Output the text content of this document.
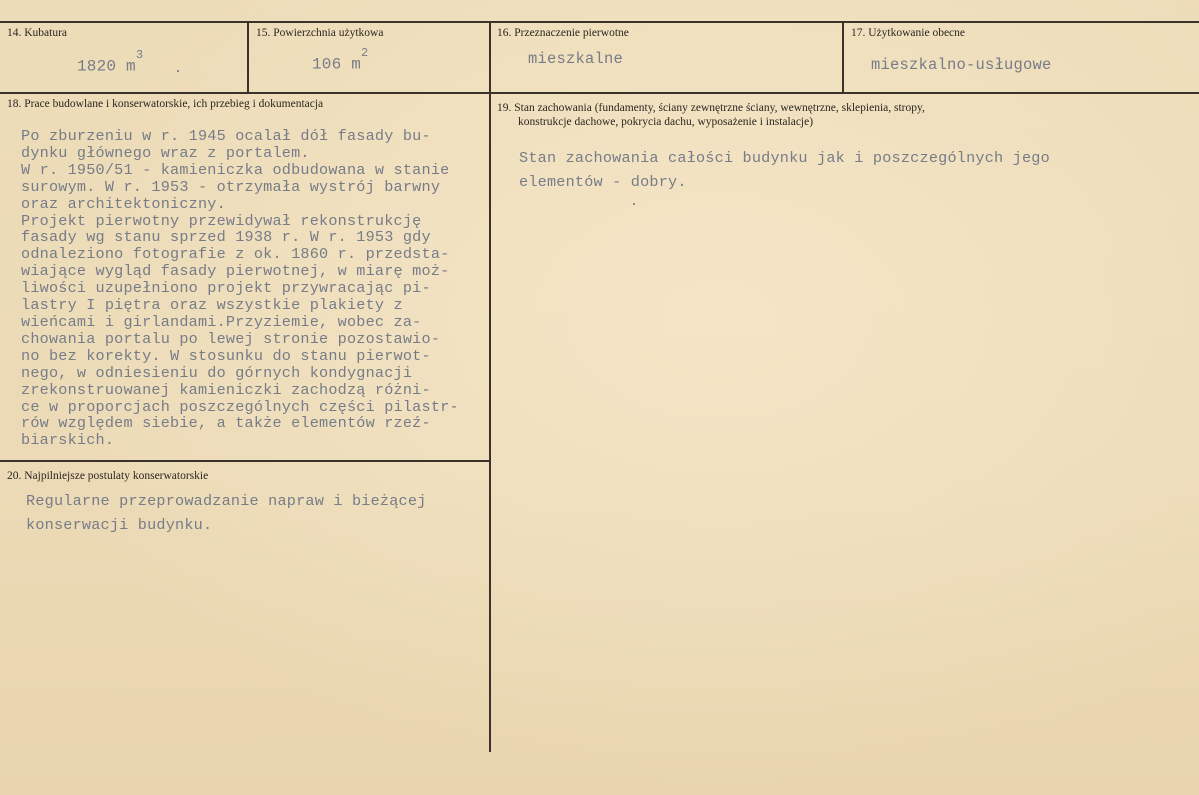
14. Kubatura
1820 $m^3$
15. Powierzchnia użytkowa
106 $m^2$
16. Przeznaczenie pierwotne
mieszkalne
17. Użytkowanie obecne
mieszkalno-usługowe
18. Prace budowlane i konserwatorskie, ich przebieg i dokumentacja
Po zburzeniu w r. 1945 ocalał dół fasady bu-
dynku głównego wraz z portalem.
W r. 1950/51 - kamieniczka odbudowana w stanie
surowym. W r. 1953 - otrzymała wystrój barwny
oraz architektoniczny.
Projekt pierwotny przewidywał rekonstrukcję
fasady wg stanu sprzed 1938 r. W r. 1953 gdy
odnaleziono fotografie z ok. 1860 r. przedsta-
wiające wygląd fasady pierwotnej, w miarę moż-
liwości uzupełniono projekt przywracając pi-
lastry I piętra oraz wszystkie plakiety z
wieńcami i girlandami.Przyziemie, wobec za-
chowania portalu po lewej stronie pozostawio-
no bez korekty. W stosunku do stanu pierwot-
nego, w odniesieniu do górnych kondygnacji
zrekonstruowanej kamieniczki zachodzą różni-
ce w proporcjach poszczególnych części pilastr-
rów względem siebie, a także elementów rzeź-
biarskich.
19. Stan zachowania (fundamenty, ściany zewnętrzne ściany, wewnętrzne, sklepienia, stropy,
konstrukcje dachowe, pokrycia dachu, wyposażenie i instalacje)
Stan zachowania całości budynku jak i poszczególnych jego
elementów - dobry.
20. Najpilniejsze postulaty konserwatorskie
Regularne przeprowadzanie napraw i bieżącej
konserwacji budynku.
